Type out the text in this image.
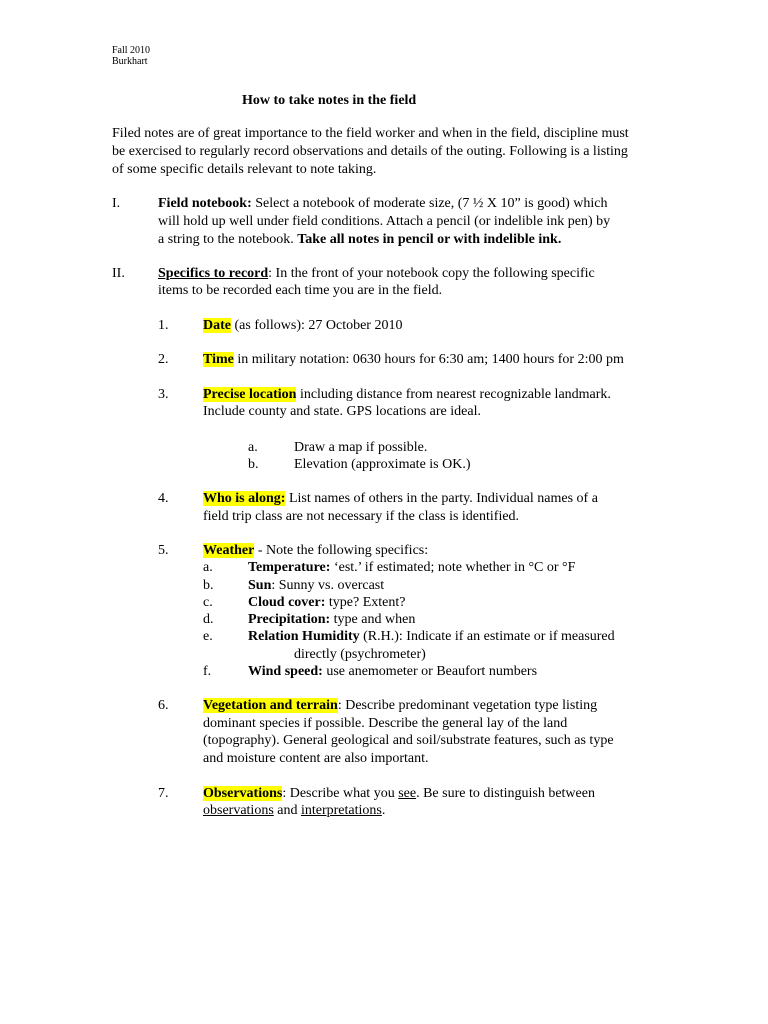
Fall 2010
Burkhart
How to take notes in the field
Filed notes are of great importance to the field worker and when in the field, discipline must
be exercised to regularly record observations and details of the outing. Following is a listing
of some specific details relevant to note taking.
I.	Field notebook: Select a notebook of moderate size, (7 ½ X 10” is good) which
will hold up well under field conditions. Attach a pencil (or indelible ink pen) by
a string to the notebook. Take all notes in pencil or with indelible ink.
II. Specifics to record: In the front of your notebook copy the following specific
items to be recorded each time you are in the field.
1. Date (as follows): 27 October 2010
2. Time in military notation: 0630 hours for 6:30 am; 1400 hours for 2:00 pm
3. Precise location including distance from nearest recognizable landmark.
Include county and state. GPS locations are ideal.
a.	Draw a map if possible.
b.	Elevation (approximate is OK.)
4. Who is along: List names of others in the party. Individual names of a
field trip class are not necessary if the class is identified.
5. Weather - Note the following specifics:
a.	Temperature: ‘est.’ if estimated; note whether in °C or °F
b. Sun: Sunny vs. overcast
c.	Cloud cover: type? Extent?
d. Precipitation: type and when
e.	Relation Humidity (R.H.): Indicate if an estimate or if measured
directly (psychrometer)
f.	Wind speed: use anemometer or Beaufort numbers
6. Vegetation and terrain: Describe predominant vegetation type listing
dominant species if possible. Describe the general lay of the land
(topography). General geological and soil/substrate features, such as type
and moisture content are also important.
7. Observations: Describe what you see. Be sure to distinguish between
observations and interpretations.
